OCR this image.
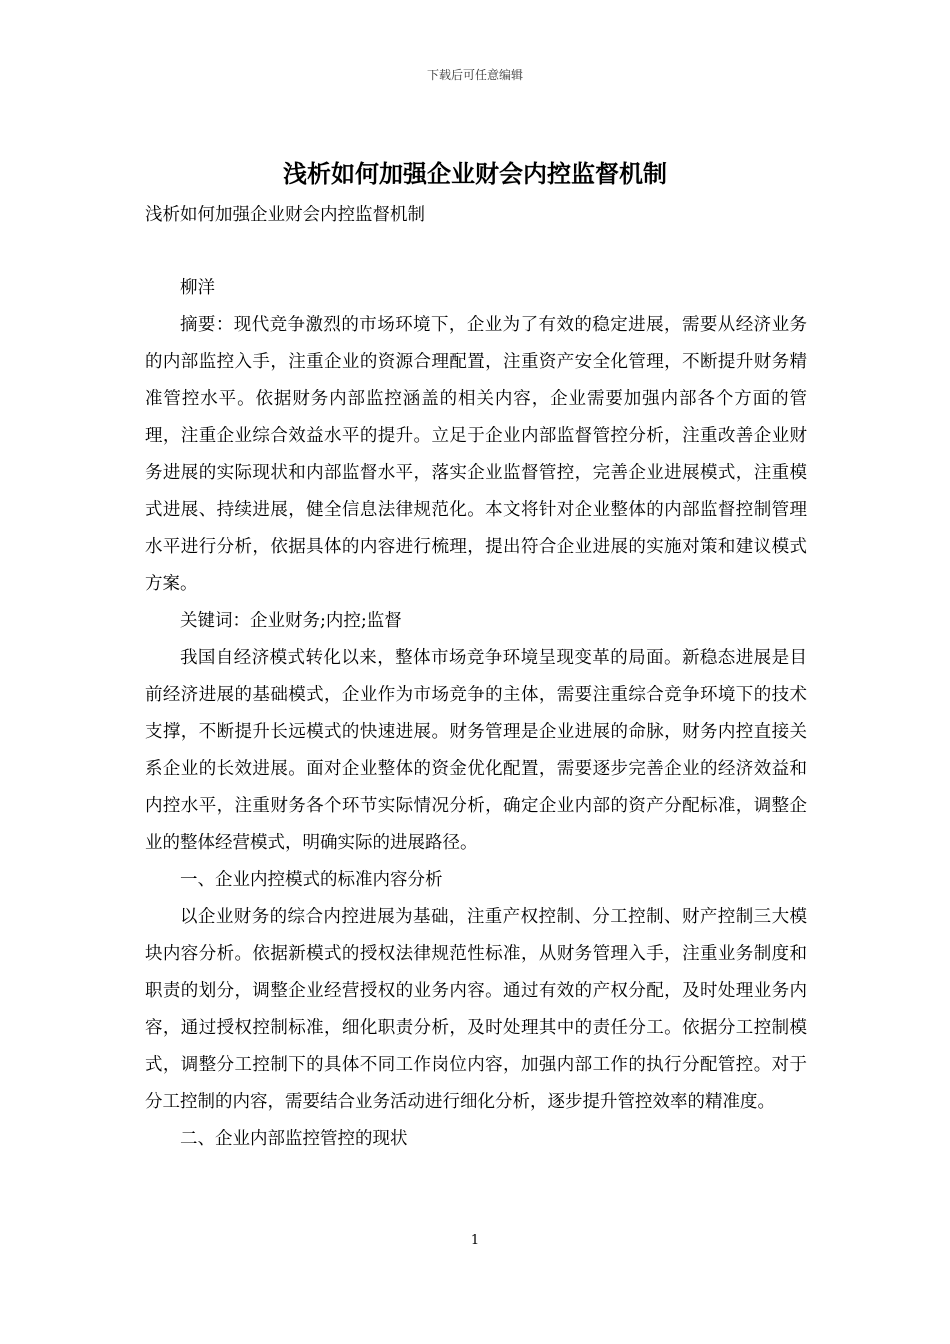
下载后可任意编辑
浅析如何加强企业财会内控监督机制
浅析如何加强企业财会内控监督机制

柳洋

摘要：现代竞争激烈的市场环境下，企业为了有效的稳定进展，需要从经济业务的内部监控入手，注重企业的资源合理配置，注重资产安全化管理，不断提升财务精准管控水平。依据财务内部监控涵盖的相关内容，企业需要加强内部各个方面的管理，注重企业综合效益水平的提升。立足于企业内部监督管控分析，注重改善企业财务进展的实际现状和内部监督水平，落实企业监督管控，完善企业进展模式，注重模式进展、持续进展，健全信息法律规范化。本文将针对企业整体的内部监督控制管理水平进行分析，依据具体的内容进行梳理，提出符合企业进展的实施对策和建议模式方案。

关键词：企业财务;内控;监督

我国自经济模式转化以来，整体市场竞争环境呈现变革的局面。新稳态进展是目前经济进展的基础模式，企业作为市场竞争的主体，需要注重综合竞争环境下的技术支撑，不断提升长远模式的快速进展。财务管理是企业进展的命脉，财务内控直接关系企业的长效进展。面对企业整体的资金优化配置，需要逐步完善企业的经济效益和内控水平，注重财务各个环节实际情况分析，确定企业内部的资产分配标准，调整企业的整体经营模式，明确实际的进展路径。

一、企业内控模式的标准内容分析

以企业财务的综合内控进展为基础，注重产权控制、分工控制、财产控制三大模块内容分析。依据新模式的授权法律规范性标准，从财务管理入手，注重业务制度和职责的划分，调整企业经营授权的业务内容。通过有效的产权分配，及时处理业务内容，通过授权控制标准，细化职责分析，及时处理其中的责任分工。依据分工控制模式，调整分工控制下的具体不同工作岗位内容，加强内部工作的执行分配管控。对于分工控制的内容，需要结合业务活动进行细化分析，逐步提升管控效率的精准度。

二、企业内部监控管控的现状

1
